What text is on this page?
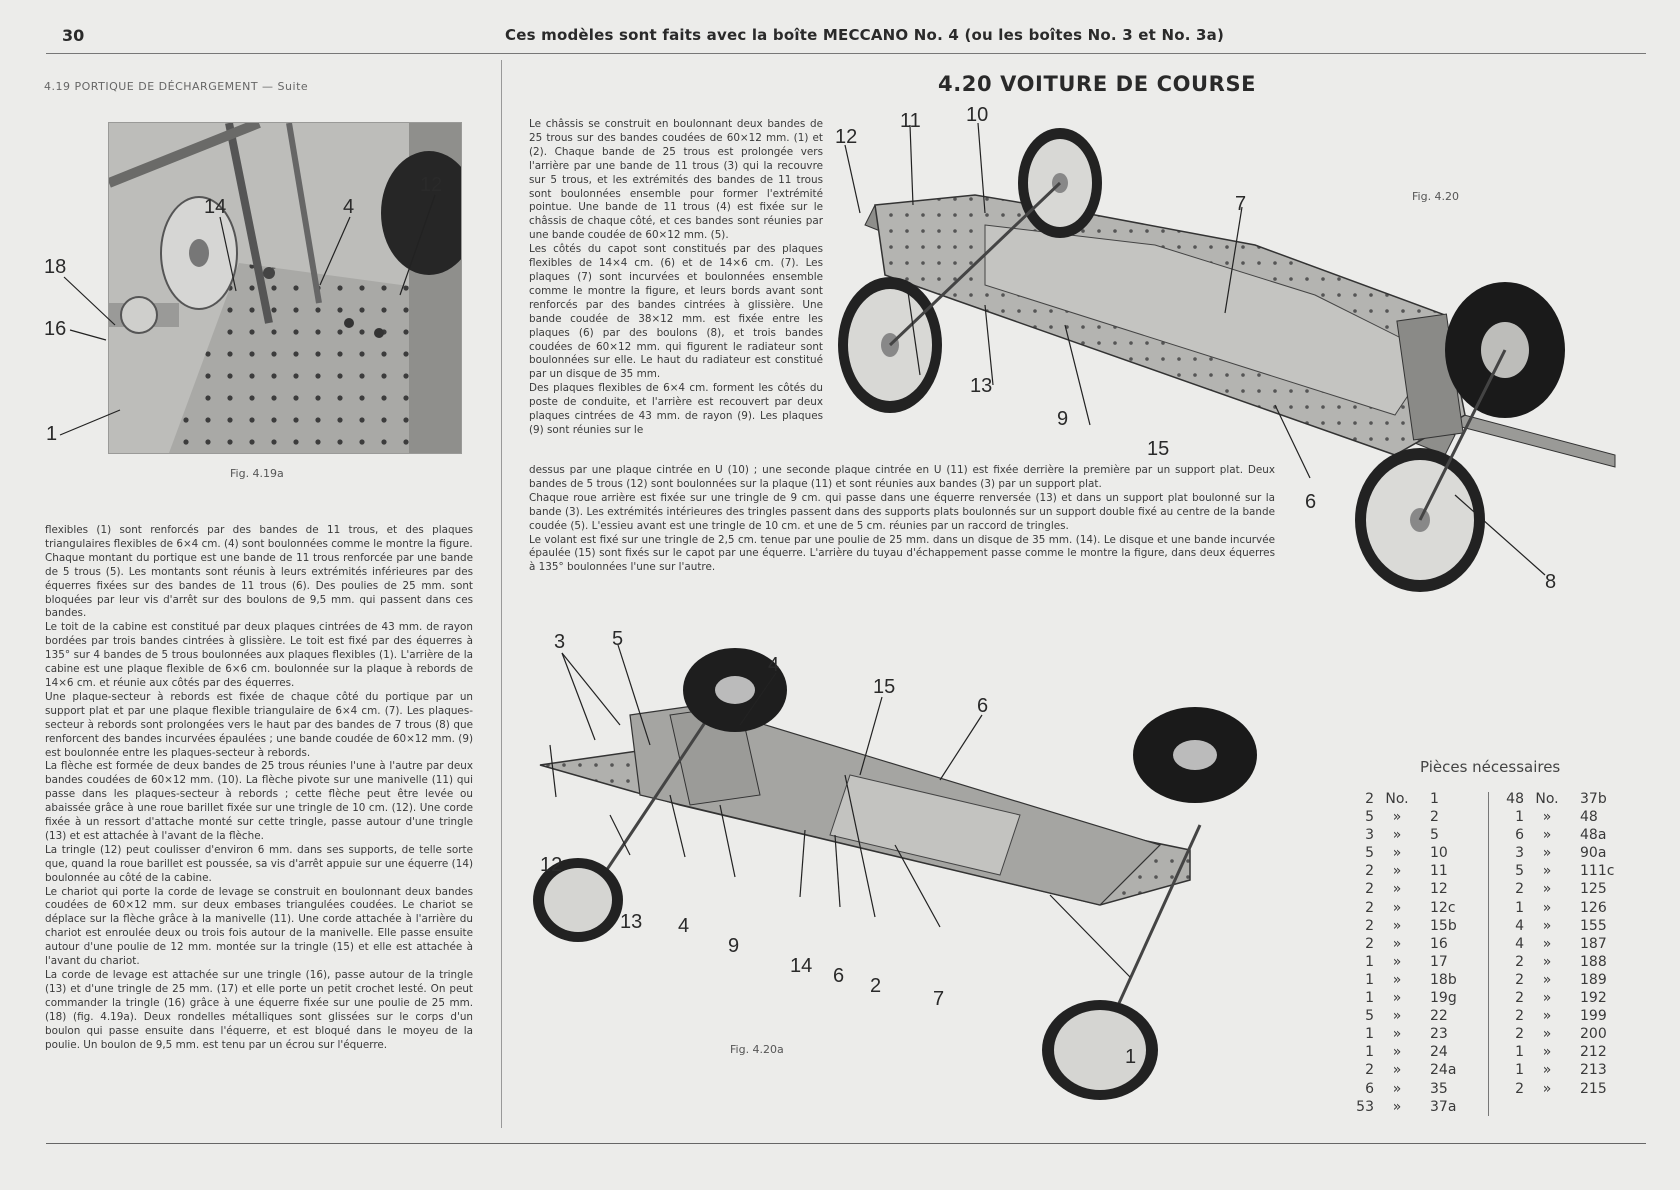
30	Ces modèles sont faits avec la boîte MECCANO No. 4 (ou les boîtes No. 3 et No. 3a)
4.19 PORTIQUE DE DÉCHARGEMENT — Suite
14	4
12
18
16
1
Fig. 4.19a

flexibles (1) sont renforcés par des bandes de 11 trous, et des plaques triangulaires flexibles de 6×4 cm. (4) sont boulonnées comme le montre la figure.

Chaque montant du portique est une bande de 11 trous renforcée par une bande de 5 trous (5). Les montants sont réunis à leurs extrémités inférieures par des équerres fixées sur des bandes de 11 trous (6). Des poulies de 25 mm. sont bloquées par leur vis d'arrêt sur des boulons de 9,5 mm. qui passent dans ces bandes.

Le toit de la cabine est constitué par deux plaques cintrées de 43 mm. de rayon bordées par trois bandes cintrées à glissière. Le toit est fixé par des équerres à 135° sur 4 bandes de 5 trous boulonnées aux plaques flexibles (1). L'arrière de la cabine est une plaque flexible de 6×6 cm. boulonnée sur la plaque à rebords de 14×6 cm. et réunie aux côtés par des équerres.

Une plaque-secteur à rebords est fixée de chaque côté du portique par un support plat et par une plaque flexible triangulaire de 6×4 cm. (7). Les plaques-secteur à rebords sont prolongées vers le haut par des bandes de 7 trous (8) que renforcent des bandes incurvées épaulées ; une bande coudée de 60×12 mm. (9) est boulonnée entre les plaques-secteur à rebords.

La flèche est formée de deux bandes de 25 trous réunies l'une à l'autre par deux bandes coudées de 60×12 mm. (10). La flèche pivote sur une manivelle (11) qui passe dans les plaques-secteur à rebords ; cette flèche peut être levée ou abaissée grâce à une roue barillet fixée sur une tringle de 10 cm. (12). Une corde fixée à un ressort d'attache monté sur cette tringle, passe autour d'une tringle (13) et est attachée à l'avant de la flèche.

La tringle (12) peut coulisser d'environ 6 mm. dans ses supports, de telle sorte que, quand la roue barillet est poussée, sa vis d'arrêt appuie sur une équerre (14) boulonnée au côté de la cabine.

Le chariot qui porte la corde de levage se construit en boulonnant deux bandes coudées de 60×12 mm. sur deux embases triangulées coudées. Le chariot se déplace sur la flèche grâce à la manivelle (11). Une corde attachée à l'arrière du chariot est enroulée deux ou trois fois autour de la manivelle. Elle passe ensuite autour d'une poulie de 12 mm. montée sur la tringle (15) et elle est attachée à l'avant du chariot.

La corde de levage est attachée sur une tringle (16), passe autour de la tringle (13) et d'une tringle de 25 mm. (17) et elle porte un petit crochet lesté. On peut commander la tringle (16) grâce à une équerre fixée sur une poulie de 25 mm. (18) (fig. 4.19a). Deux rondelles métalliques sont glissées sur le corps d'un boulon qui passe ensuite dans l'équerre, et est bloqué dans le moyeu de la poulie. Un boulon de 9,5 mm. est tenu par un écrou sur l'équerre.

4.20 VOITURE DE COURSE

Le châssis se construit en boulonnant deux bandes de 25 trous sur des bandes coudées de 60×12 mm. (1) et (2). Chaque bande de 25 trous est prolongée vers l'arrière par une bande de 11 trous (3) qui la recouvre sur 5 trous, et les extrémités des bandes de 11 trous sont boulonnées ensemble pour former l'extrémité pointue. Une bande de 11 trous (4) est fixée sur le châssis de chaque côté, et ces bandes sont réunies par une bande coudée de 60×12 mm. (5).

Les côtés du capot sont constitués par des plaques flexibles de 14×4 cm. (6) et de 14×6 cm. (7). Les plaques (7) sont incurvées et boulonnées ensemble comme le montre la figure, et leurs bords avant sont renforcés par des bandes cintrées à glissière. Une bande coudée de 38×12 mm. est fixée entre les plaques (6) par des boulons (8), et trois bandes coudées de 60×12 mm. qui figurent le radiateur sont boulonnées sur elle. Le haut du radiateur est constitué par un disque de 35 mm.

Des plaques flexibles de 6×4 cm. forment les côtés du poste de conduite, et l'arrière est recouvert par deux plaques cintrées de 43 mm. de rayon (9). Les plaques (9) sont réunies sur le

dessus par une plaque cintrée en U (10) ; une seconde plaque cintrée en U (11) est fixée derrière la première par un support plat. Deux bandes de 5 trous (12) sont boulonnées sur la plaque (11) et sont réunies aux bandes (3) par un support plat.

Chaque roue arrière est fixée sur une tringle de 9 cm. qui passe dans une équerre renversée (13) et dans un support plat boulonné sur la bande (3). Les extrémités intérieures des tringles passent dans des supports plats boulonnés sur un support double fixé au centre de la bande coudée (5). L'essieu avant est une tringle de 10 cm. et une de 5 cm. réunies par un raccord de tringles.

Le volant est fixé sur une tringle de 2,5 cm. tenue par une poulie de 25 mm. dans un disque de 35 mm. (14). Le disque et une bande incurvée épaulée (15) sont fixés sur le capot par une équerre. L'arrière du tuyau d'échappement passe comme le montre la figure, dans deux équerres à 135° boulonnées l'une sur l'autre.

12
11 10
7
13
9
15
6
8
Fig. 4.20
5
3
4
15
6
12
13 4
9
14 6 2
7
1
Fig. 4.20a
Pièces nécessaires
2 No.	1
5	»	2
3	»	5
5	»	10
2	»	11
2	»	12
2	»	12c
2	»	15b
2	»	16
1	»	17
1	»	18b
1	»	19g
5	»	22
1	»	23
1	»	24
2	»	24a
6	»	35
53	»	37a
48 No.	37b
1	»	48
6	»	48a
3	»	90a
5	»	111c
2	»	125
1	»	126
4	»	155
4	»	187
2	»	188
2	»	189
2	»	192
2	»	199
2	»	200
1	»	212
1	»	213
2	»	215
